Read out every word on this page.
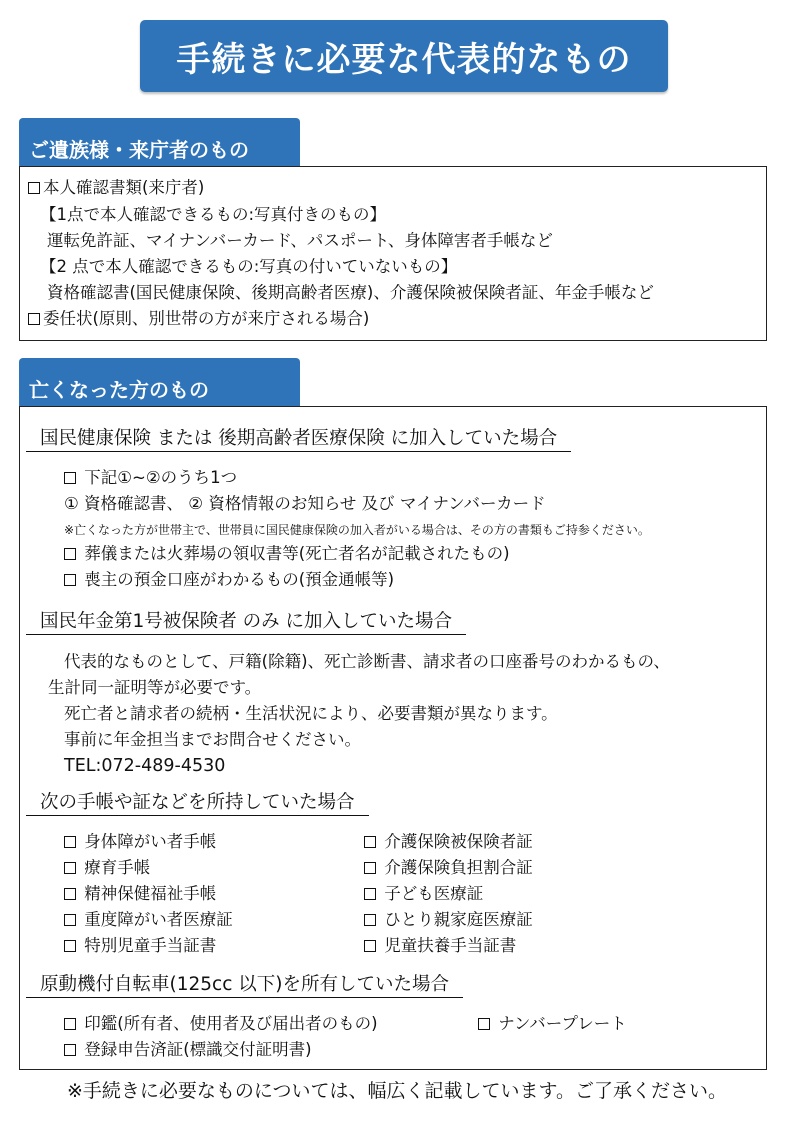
手続きに必要な代表的なもの
ご遺族様・来庁者のもの
本人確認書類(来庁者)
【1点で本人確認できるもの:写真付きのもの】
運転免許証、マイナンバーカード、パスポート、身体障害者手帳など
【2 点で本人確認できるもの:写真の付いていないもの】
資格確認書(国民健康保険、後期高齢者医療)、介護保険被保険者証、年金手帳など
委任状(原則、別世帯の方が来庁される場合)
亡くなった方のもの
国民健康保険 または 後期高齢者医療保険 に加入していた場合
下記①~②のうち1つ
① 資格確認書、 ② 資格情報のお知らせ 及び マイナンバーカード
※亡くなった方が世帯主で、世帯員に国民健康保険の加入者がいる場合は、その方の書類もご持参ください。
葬儀または火葬場の領収書等(死亡者名が記載されたもの)
喪主の預金口座がわかるもの(預金通帳等)
国民年金第1号被保険者 のみ に加入していた場合
代表的なものとして、戸籍(除籍)、死亡診断書、請求者の口座番号のわかるもの、
生計同一証明等が必要です。
死亡者と請求者の続柄・生活状況により、必要書類が異なります。
事前に年金担当までお問合せください。
TEL:072-489-4530
次の手帳や証などを所持していた場合
身体障がい者手帳
療育手帳
精神保健福祉手帳
重度障がい者医療証
特別児童手当証書
介護保険被保険者証
介護保険負担割合証
子ども医療証
ひとり親家庭医療証
児童扶養手当証書
原動機付自転車(125cc 以下)を所有していた場合
印鑑(所有者、使用者及び届出者のもの)	ナンバープレート
登録申告済証(標識交付証明書)
※手続きに必要なものについては、幅広く記載しています。ご了承ください。
